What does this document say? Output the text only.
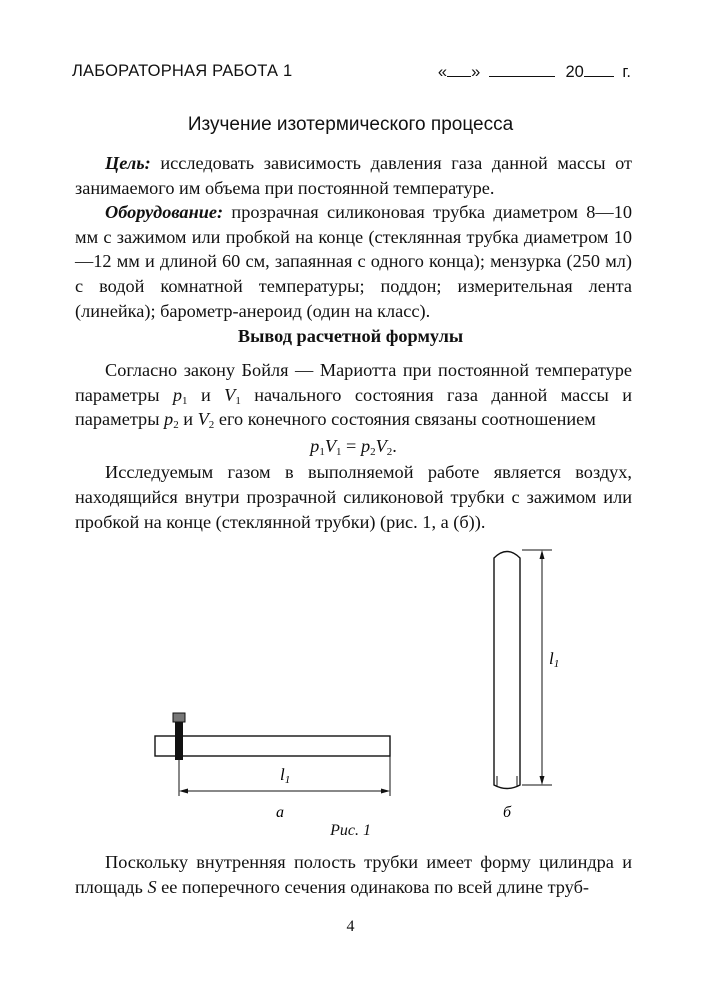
ЛАБОРАТОРНАЯ РАБОТА 1	« »	20 г.
Изучение изотермического процесса

Цель: исследовать зависимость давления газа данной массы от занимаемого им объема при постоянной температуре.

Оборудование: прозрачная силиконовая трубка диаметром 8—10 мм с зажимом или пробкой на конце (стеклянная трубка диаметром 10—12 мм и длиной 60 см, запаянная с одного конца); мензурка (250 мл) с водой комнатной температуры; поддон; измерительная лента (линейка); барометр-анероид (один на класс).

Вывод расчетной формулы

Согласно закону Бойля — Мариотта при постоянной температуре параметры $p_1$ и $V_1$ начального состояния газа данной массы и параметры $p_2$ и $V_2$ его конечного состояния связаны соотношением

$p_1V_1 = p_2V_2$.

Исследуемым газом в выполняемой работе является воздух, находящийся внутри прозрачной силиконовой трубки с зажимом или пробкой на конце (стеклянной трубки) (рис. 1, а (б)).

l1
а
l1
б
Рис. 1

Поскольку внутренняя полость трубки имеет форму цилиндра и площадь S ее поперечного сечения одинакова по всей длине труб-

4
